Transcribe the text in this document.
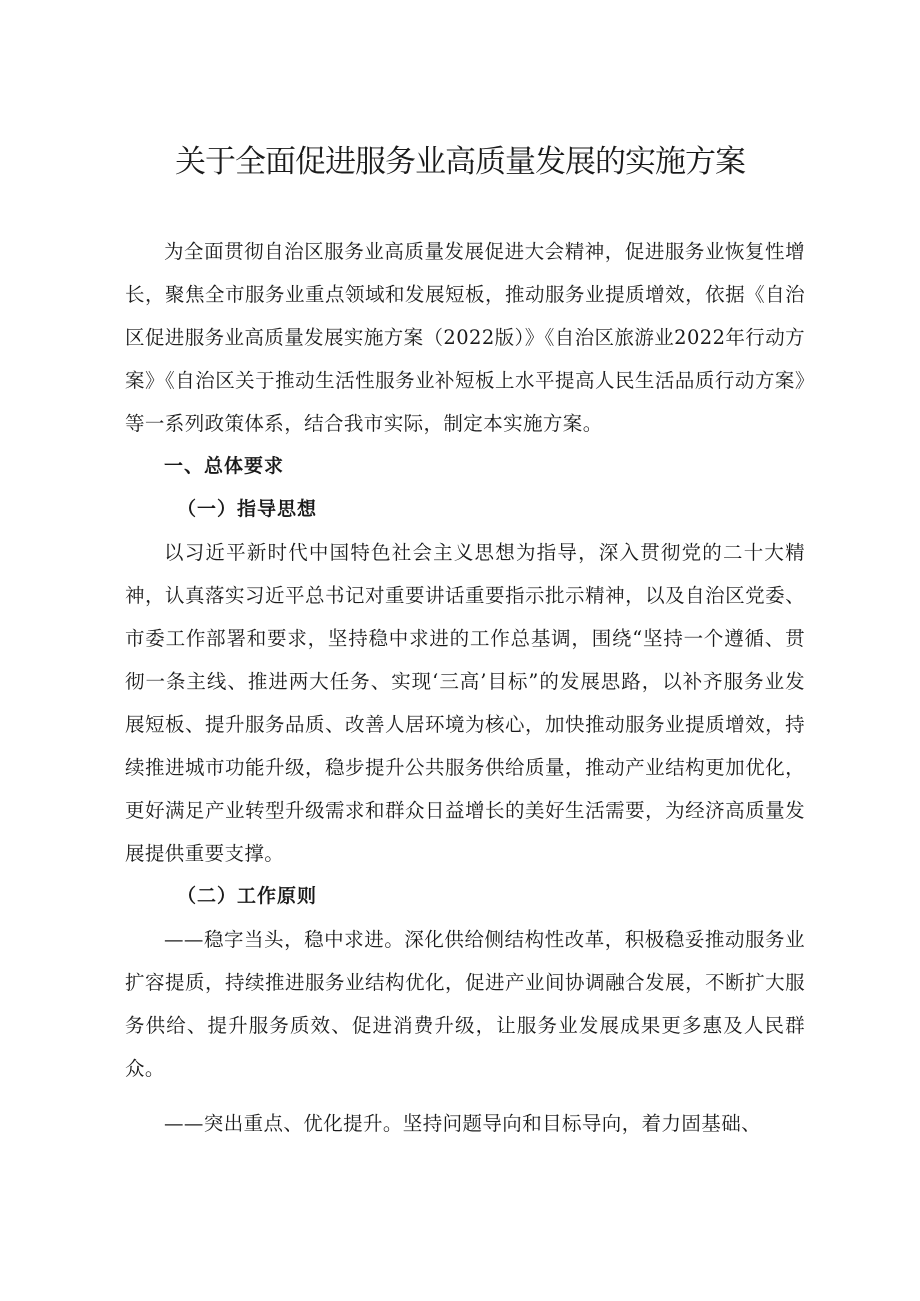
关于全面促进服务业高质量发展的实施方案

为全面贯彻自治区服务业高质量发展促进大会精神，促进服务业恢复性增长，聚焦全市服务业重点领域和发展短板，推动服务业提质增效，依据《自治区促进服务业高质量发展实施方案（2022版）》《自治区旅游业2022年行动方案》《自治区关于推动生活性服务业补短板上水平提高人民生活品质行动方案》等一系列政策体系，结合我市实际，制定本实施方案。

一、总体要求

（一）指导思想

以习近平新时代中国特色社会主义思想为指导，深入贯彻党的二十大精神，认真落实习近平总书记对重要讲话重要指示批示精神，以及自治区党委、市委工作部署和要求，坚持稳中求进的工作总基调，围绕“坚持一个遵循、贯彻一条主线、推进两大任务、实现‘三高’目标”的发展思路，以补齐服务业发展短板、提升服务品质、改善人居环境为核心，加快推动服务业提质增效，持续推进城市功能升级，稳步提升公共服务供给质量，推动产业结构更加优化，更好满足产业转型升级需求和群众日益增长的美好生活需要，为经济高质量发展提供重要支撑。

（二）工作原则

——稳字当头，稳中求进。深化供给侧结构性改革，积极稳妥推动服务业扩容提质，持续推进服务业结构优化，促进产业间协调融合发展，不断扩大服务供给、提升服务质效、促进消费升级，让服务业发展成果更多惠及人民群众。

——突出重点、优化提升。坚持问题导向和目标导向，着力固基础、
